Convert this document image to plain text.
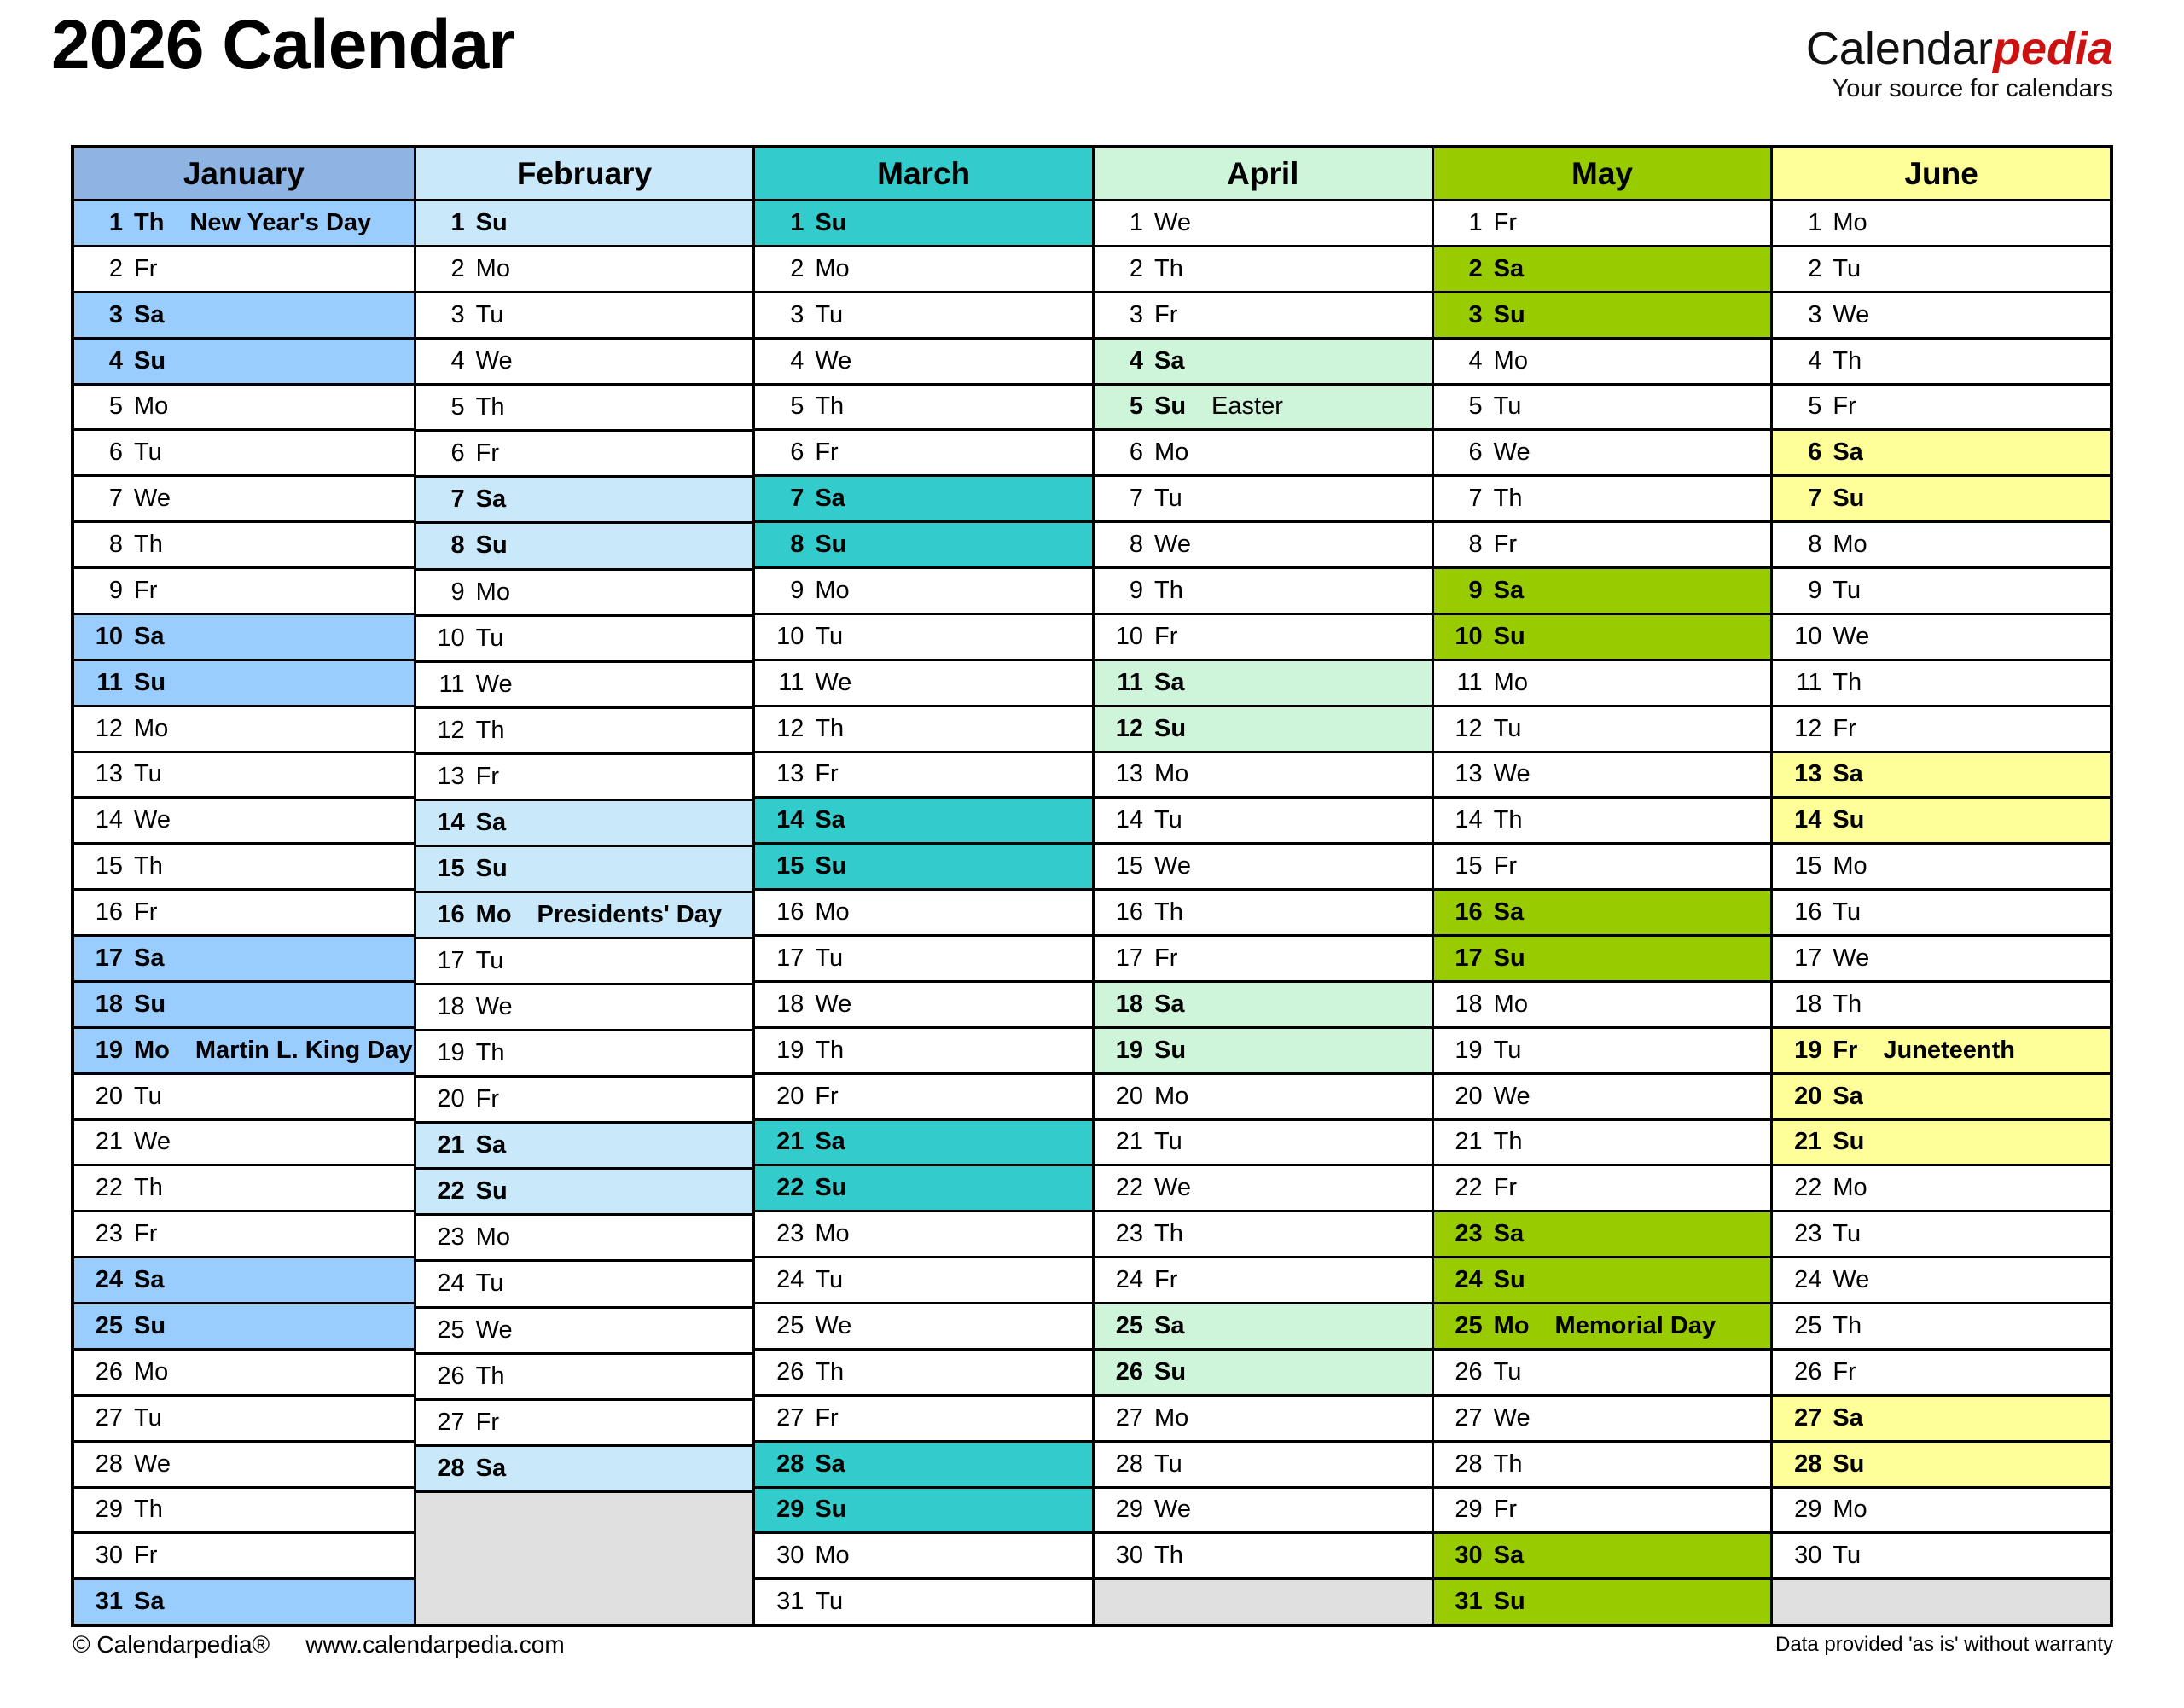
2026 Calendar	Calendarpedia
Your source for calendars
January
1 Th New Year's Day
2 Fr
3 Sa
4 Su
5 Mo
6 Tu
7 We
8 Th
9 Fr
10 Sa
11 Su
12 Mo
13 Tu
14 We
15 Th
16 Fr
17 Sa
18 Su
19 Mo Martin L. King Day
20 Tu
21 We
22 Th
23 Fr
24 Sa
25 Su
26 Mo
27 Tu
28 We
29 Th
30 Fr
31 Sa
February
1 Su
2 Mo
3 Tu
4 We
5 Th
6 Fr
7 Sa
8 Su
9 Mo
10 Tu
11 We
12 Th
13 Fr
14 Sa
15 Su
16 Mo Presidents' Day
17 Tu
18 We
19 Th
20 Fr
21 Sa
22 Su
23 Mo
24 Tu
25 We
26 Th
27 Fr
28 Sa
March
1 Su
2 Mo
3 Tu
4 We
5 Th
6 Fr
7 Sa
8 Su
9 Mo
10 Tu
11 We
12 Th
13 Fr
14 Sa
15 Su
16 Mo
17 Tu
18 We
19 Th
20 Fr
21 Sa
22 Su
23 Mo
24 Tu
25 We
26 Th
27 Fr
28 Sa
29 Su
30 Mo
31 Tu
April
1 We
2 Th
3 Fr
4 Sa
5 Su Easter
6 Mo
7 Tu
8 We
9 Th
10 Fr
11 Sa
12 Su
13 Mo
14 Tu
15 We
16 Th
17 Fr
18 Sa
19 Su
20 Mo
21 Tu
22 We
23 Th
24 Fr
25 Sa
26 Su
27 Mo
28 Tu
29 We
30 Th
May
1 Fr
2 Sa
3 Su
4 Mo
5 Tu
6 We
7 Th
8 Fr
9 Sa
10 Su
11 Mo
12 Tu
13 We
14 Th
15 Fr
16 Sa
17 Su
18 Mo
19 Tu
20 We
21 Th
22 Fr
23 Sa
24 Su
25 Mo Memorial Day
26 Tu
27 We
28 Th
29 Fr
30 Sa
31 Su
June
1 Mo
2 Tu
3 We
4 Th
5 Fr
6 Sa
7 Su
8 Mo
9 Tu
10 We
11 Th
12 Fr
13 Sa
14 Su
15 Mo
16 Tu
17 We
18 Th
19 Fr Juneteenth
20 Sa
21 Su
22 Mo
23 Tu
24 We
25 Th
26 Fr
27 Sa
28 Su
29 Mo
30 Tu
© Calendarpedia® www.calendarpedia.com	Data provided 'as is' without warranty
